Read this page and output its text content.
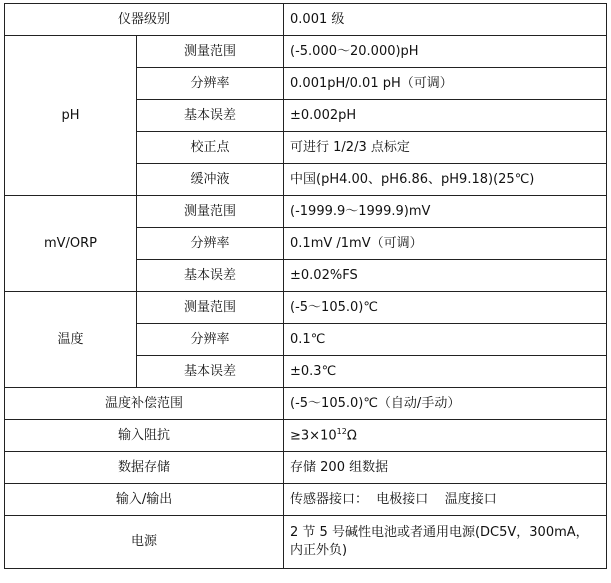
仪器级别		0.001 级
pH	测量范围	(-5.000～20.000)pH
	分辨率	0.001pH/0.01 pH（可调）
	基本误差	±0.002pH
	校正点	可进行 1/2/3 点标定
	缓冲液	中国(pH4.00、pH6.86、pH9.18)(25℃)
mV/ORP	测量范围	(-1999.9～1999.9)mV
	分辨率	0.1mV /1mV（可调）
	基本误差	±0.02%FS
温度	测量范围	(-5～105.0)℃
	分辨率	0.1℃
	基本误差	±0.3℃
温度补偿范围		(-5～105.0)℃（自动/手动）
输入阻抗		$\ge 3\times 10^{12}\Omega$
数据存储		存储 200 组数据
输入/输出		传感器接口：  电极接口    温度接口
电源		2 节 5 号碱性电池或者通用电源(DC5V，300mA，内正外负)
